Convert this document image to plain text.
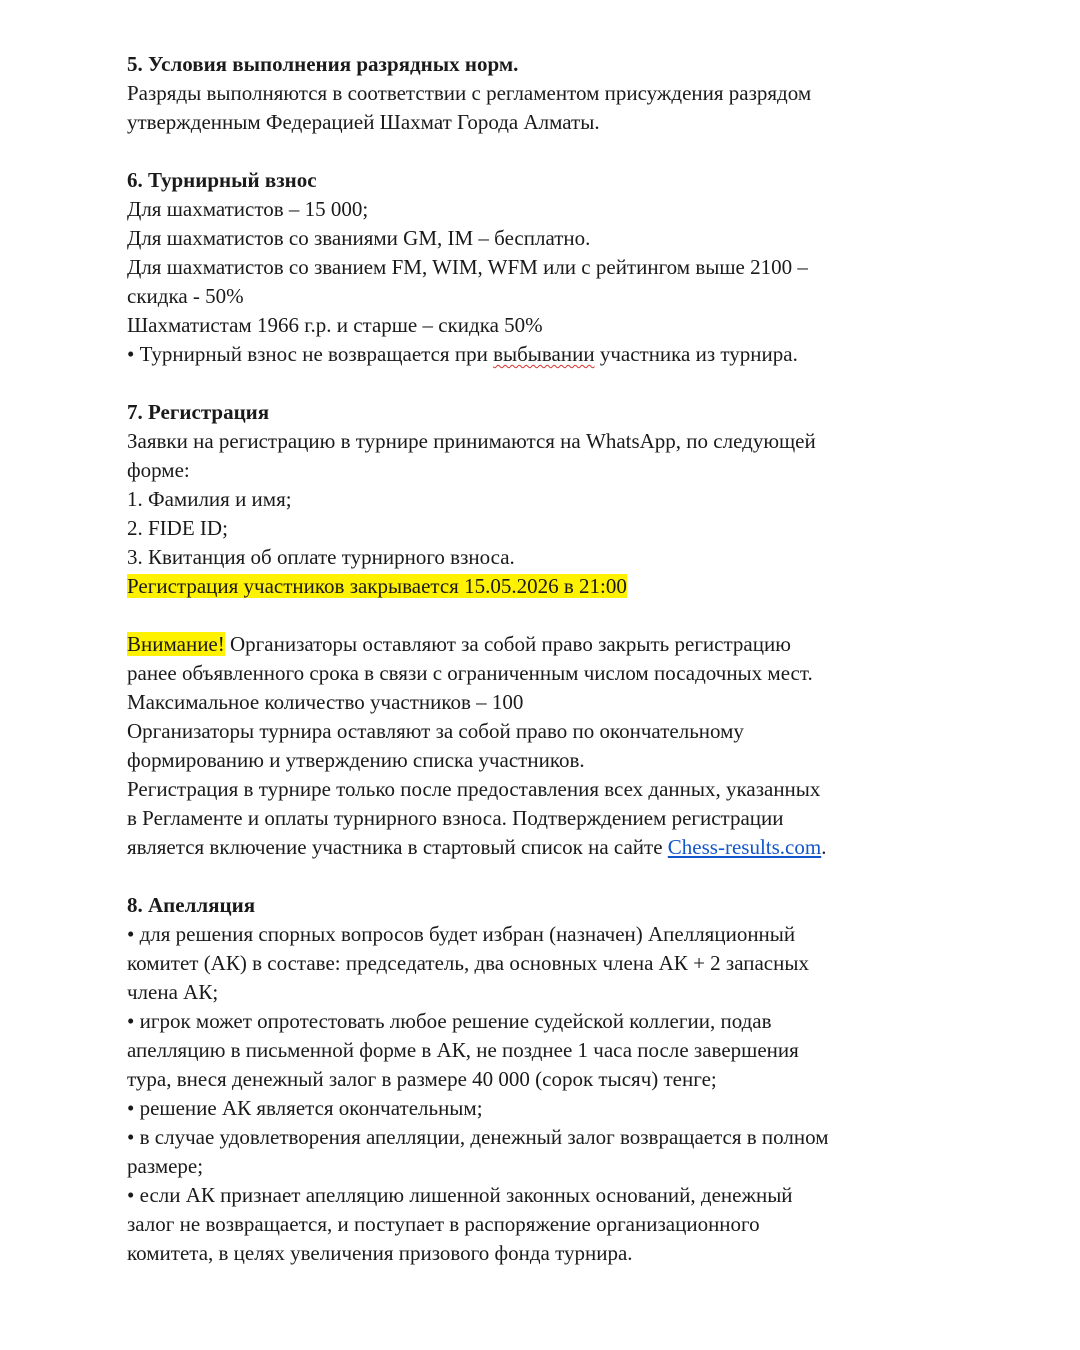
5. Условия выполнения разрядных норм.

Разряды выполняются в соответствии с регламентом присуждения разрядом

утвержденным Федерацией Шахмат Города Алматы.

6. Турнирный взнос

Для шахматистов – 15 000;

Для шахматистов со званиями GM, IM – бесплатно.

Для шахматистов со званием FM, WIM, WFM или с рейтингом выше 2100 –

скидка - 50%

Шахматистам 1966 г.р. и старше – скидка 50%

• Турнирный взнос не возвращается при выбывании участника из турнира.

7. Регистрация

Заявки на регистрацию в турнире принимаются на WhatsApp, по следующей

форме:

1. Фамилия и имя;

2. FIDE ID;

3. Квитанция об оплате турнирного взноса.

Регистрация участников закрывается 15.05.2026 в 21:00

Внимание! Организаторы оставляют за собой право закрыть регистрацию

ранее объявленного срока в связи с ограниченным числом посадочных мест.

Максимальное количество участников – 100

Организаторы турнира оставляют за собой право по окончательному

формированию и утверждению списка участников.

Регистрация в турнире только после предоставления всех данных, указанных

в Регламенте и оплаты турнирного взноса. Подтверждением регистрации

является включение участника в стартовый список на сайте Chess-results.com.

8. Апелляция

• для решения спорных вопросов будет избран (назначен) Апелляционный

комитет (АК) в составе: председатель, два основных члена АК + 2 запасных

члена АК;

• игрок может опротестовать любое решение судейской коллегии, подав

апелляцию в письменной форме в АК, не позднее 1 часа после завершения

тура, внеся денежный залог в размере 40 000 (сорок тысяч) тенге;

• решение АК является окончательным;

• в случае удовлетворения апелляции, денежный залог возвращается в полном

размере;

• если АК признает апелляцию лишенной законных оснований, денежный

залог не возвращается, и поступает в распоряжение организационного

комитета, в целях увеличения призового фонда турнира.
